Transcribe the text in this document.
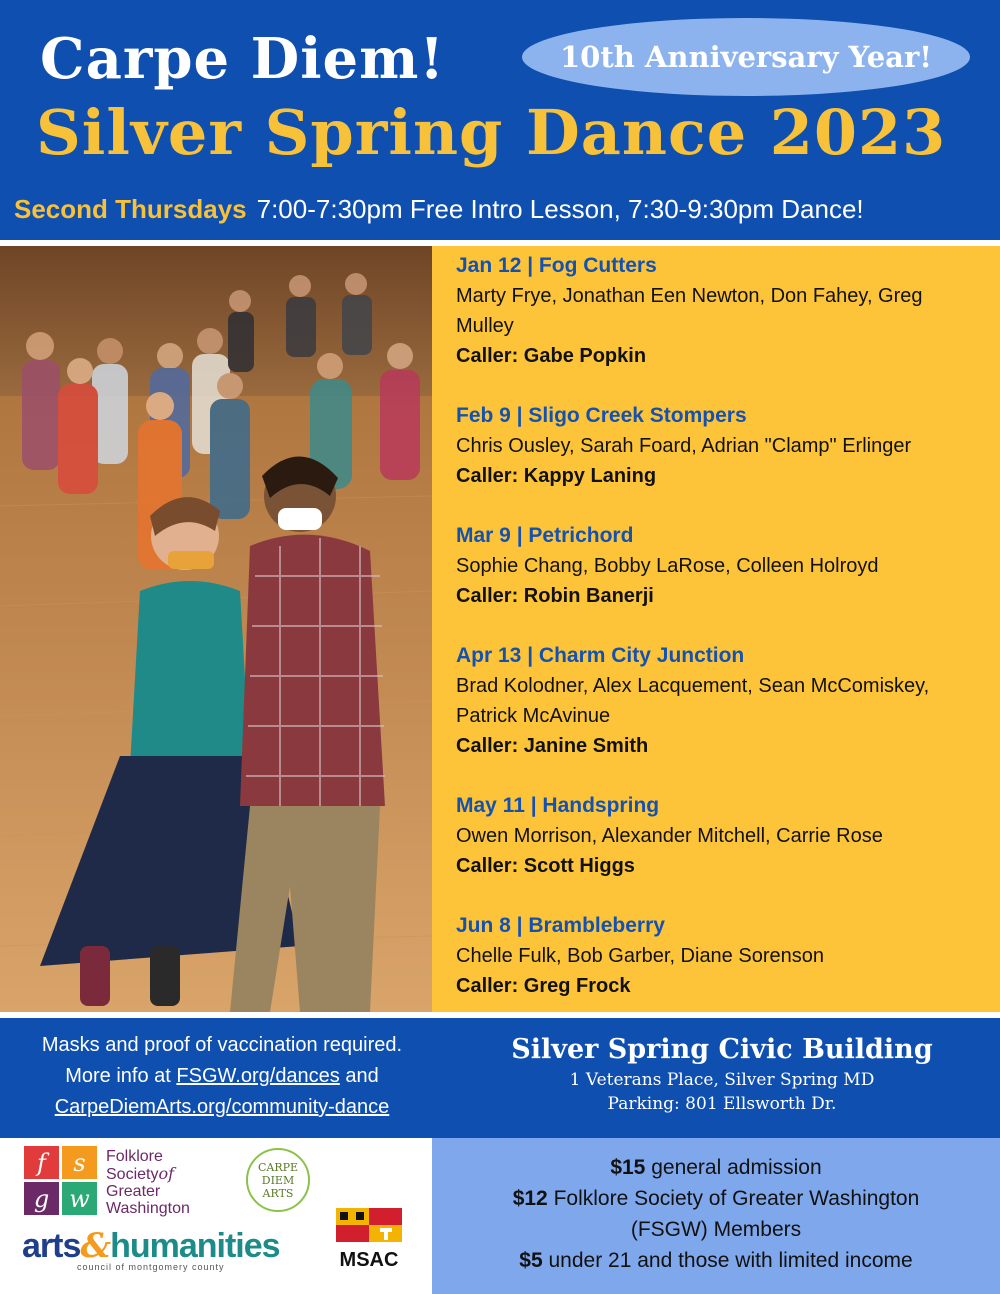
Carpe Diem!	10th Anniversary Year!
Silver Spring Dance 2023
Second Thursdays 7:00-7:30pm Free Intro Lesson, 7:30-9:30pm Dance!
Jan 12 | Fog Cutters
Marty Frye, Jonathan Een Newton, Don Fahey, Greg Mulley
Caller: Gabe Popkin
Feb 9 | Sligo Creek Stompers
Chris Ousley, Sarah Foard, Adrian "Clamp" Erlinger
Caller: Kappy Laning
Mar 9 | Petrichord
Sophie Chang, Bobby LaRose, Colleen Holroyd
Caller: Robin Banerji
Apr 13 | Charm City Junction
Brad Kolodner, Alex Lacquement, Sean McComiskey, Patrick McAvinue
Caller: Janine Smith
May 11 | Handspring
Owen Morrison, Alexander Mitchell, Carrie Rose
Caller: Scott Higgs
Jun 8 | Brambleberry
Chelle Fulk, Bob Garber, Diane Sorenson
Caller: Greg Frock
Masks and proof of vaccination required.
More info at FSGW.org/dances and
CarpeDiemArts.org/community-dance
Silver Spring Civic Building
1 Veterans Place, Silver Spring MD
Parking: 801 Ellsworth Dr.
f	s
g w
Folklore
Societyof
Greater
Washington
CARPE
DIEM
ARTS
arts&humanities
council of montgomery county	MSAC
$15 general admission
$12 Folklore Society of Greater Washington (FSGW) Members
$5 under 21 and those with limited income
